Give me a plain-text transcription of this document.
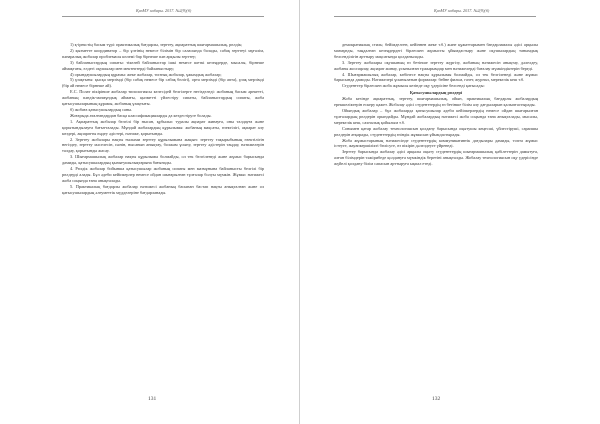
ҚазМУ хабары. 2017. №2(9)(б)

1) қ-ірекстің басым түрі: практикалық бағдарлы, зерттеу, ақпараттық шығармашылық, рөлдік;

2) қызметте координатор – бір ұлтінің немесе бiлiмiн бiр саласында болады, сабақ зерттеуі мұғалім, пәнаралық жобалар проблемасы көлемі бар бірнеше пән арқылы зерттеу;

3) байланыстардың сипаты: тікелей байланыстар ішкі немесе шеткі кезеңдерде, мысалы, бірнеше аймақтағы, елдегі оқушылар мен мектептерді байланыстыру;

4) орындаушылардың құрамы: жеке жобалар, топтық жобалар, ұжымдық жобалар;

5) ұзақтығы: қысқа мерзімді (бір сабақ немесе бір сабақ бөлігі), орта мерзімді (бір апта), ұзақ мерзімді (бір ай немесе бірнеше ай).

Е.С. Полат пікірінше жобалар типологиясы келесідей белгілерге негізделеді: жобаның басым әрекетті, жобаның пәндік-мазмұндық аймағы, қызметті үйлестіру сипаты, байланыстардың сипаты, жоба қатысушыларының құрамы, жобаның ұзақтығы.

б) жобаға қатысушылардың саны.

Жоғарыда аталғандардан басқа классификацияларды да кездестіруге болады.

1. Ақпараттық жобалар белгілі бір нысан, құбылыс туралы ақпарат жинауға, оны талдауға және қорытындылауға бағытталады. Мұндай жобалардың құрылымы: жобаның мақсаты, өзектілігі, ақпарат алу көздері, ақпаратты өңдеу әдістері, нәтиже, қорытынды.

2. Зерттеу жобалары нақты ғылыми зерттеу құрылымына жақын: зерттеу тақырыбының өзектілігін негіздеу, зерттеу мәселесін, пәнін, нысанын анықтау, болжам ұсыну, зерттеу әдістерін таңдау, нәтижелерін талдау, қорытынды жасау.

3. Шығармашылық жобалар нақты құрылымы болмайды, ол тек белгіленеді және жұмыс барысында дамиды, қатысушылардың қызығушылықтарына бағынады.

4. Рөлдік жобалар бойынша қатысушылар жобаның сипаты мен мазмұнына байланысты белгілі бір рөлдерді алады. Бұл әдеби кейіпкерлер немесе ойдан шығарылған тұлғалар болуы мүмкін. Жұмыс нәтижесі жоба соңында ғана анықталады.

5. Практикалық бағдарлы жобалар нәтижесі жобаның басынан бастап нақты анықталған және ол қатысушылардың әлеуметтік мүдделеріне бағдарланады.

131
ҚазМУ хабары. 2017. №2(9)(б)

демократиялық стиль; бейімделген, кейіннен жеке т.б.) және құжаттарымен бағдарламалы әдісі арқылы мазмұнды, таңдалған кезеңдердегі бірлескен жұмысты ұйымдастыру және оқушылардың танымдық белсенділігін арттыру мақсатында қолданылады.

3. Зерттеу жобалары оқушының өз бетінше зерттеу жүргізу, жобаның нәтижесін анықтау, дәлелдеу, жобаны жоспарлау, ақпарат жинау, ұсынылған тұжырымдар мен нәтижелерді бағалау мүмкіндіктерін береді.

4. Шығармашылық жобалар, көбінесе нақты құрылымы болмайды, ол тек белгіленеді және жұмыс барысында дамиды. Нәтижелері ұсынылатын формалар: бейне фильм, газет, журнал, мерекелік кеш т.б.

Студенттер бірлескен жоба жұмысы кезінде оқу үдерісіне белсенді қатысады:

Қатысушылардың рөлдері

Жоба кезінде ақпараттық, зерттеу, шығармашылық, ойын, практикалық бағдарлы жобалардың ерекшеліктерін ескеру қажет. Жобалау әдісі студенттердің өз бетінше білім алу дағдыларын қалыптастырады.

Ойындық жобалар – бұл жобаларда қатысушылар әдеби кейіпкерлердің немесе ойдан шығарылған тұлғалардың рөлдерін орындайды. Мұндай жобалардың нәтижесі жоба соңында ғана анықталады, мысалы, мерекелік кеш, сахналық қойылым т.б.

Сонымен қатар жобалау технологиясын қолдану барысында оқытушы кеңесші, үйлестіруші, сарапшы рөлдерін атқарады, студенттердің өзіндік жұмысын ұйымдастырады.

Жоба жұмыстарының нәтижесінде студенттердің коммуникативтік дағдылары дамиды, топта жұмыс істеуге, жауапкершілікті бөлісуге, өз пікірін дәлелдеуге үйренеді.

Зерттеу барысында жобалау әдісі арқылы оқыту студенттердің шығармашылық қабілеттерін дамытуға, алған білімдерін тәжірибеде қолдануға мүмкіндік беретіні анықталды. Жобалау технологиясын оқу үдерісінде жүйелі қолдану білім сапасын арттыруға ықпал етеді.

132
